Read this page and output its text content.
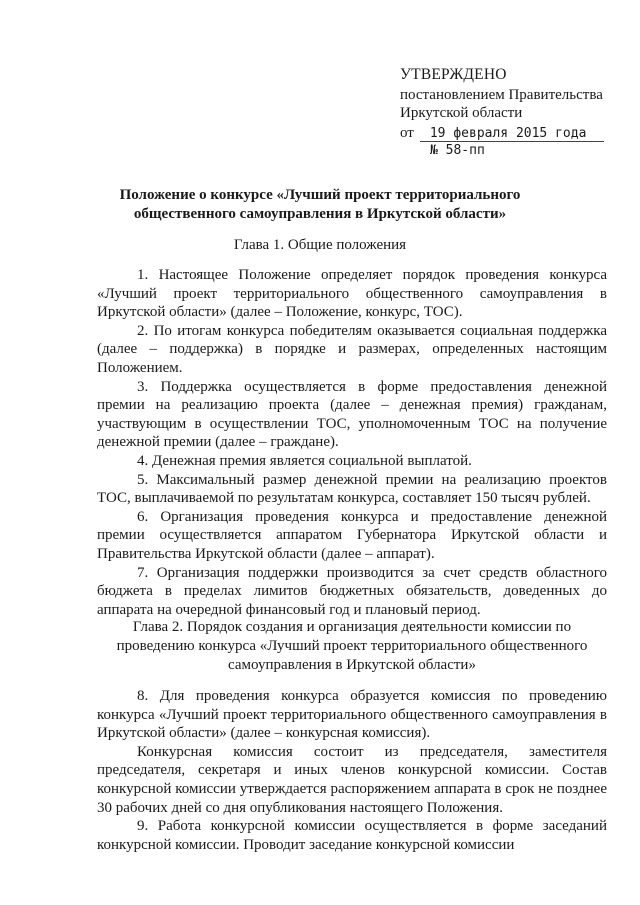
УТВЕРЖДЕНО
постановлением Правительства
Иркутской области
от	19 февраля 2015 года
№ 58-пп
Положение о конкурсе «Лучший проект территориального
общественного самоуправления в Иркутской области»
Глава 1. Общие положения

1. Настоящее Положение определяет порядок проведения конкурса «Лучший проект территориального общественного самоуправления в Иркутской области» (далее – Положение, конкурс, ТОС).

2. По итогам конкурса победителям оказывается социальная поддержка (далее – поддержка) в порядке и размерах, определенных настоящим Положением.

3. Поддержка осуществляется в форме предоставления денежной премии на реализацию проекта (далее – денежная премия) гражданам, участвующим в осуществлении ТОС, уполномоченным ТОС на получение денежной премии (далее – граждане).

4. Денежная премия является социальной выплатой.

5. Максимальный размер денежной премии на реализацию проектов ТОС, выплачиваемой по результатам конкурса, составляет 150 тысяч рублей.

6. Организация проведения конкурса и предоставление денежной премии осуществляется аппаратом Губернатора Иркутской области и Правительства Иркутской области (далее – аппарат).

7. Организация поддержки производится за счет средств областного бюджета в пределах лимитов бюджетных обязательств, доведенных до аппарата на очередной финансовый год и плановый период.

Глава 2. Порядок создания и организация деятельности комиссии по
проведению конкурса «Лучший проект территориального общественного
самоуправления в Иркутской области»

8. Для проведения конкурса образуется комиссия по проведению конкурса «Лучший проект территориального общественного самоуправления в Иркутской области» (далее – конкурсная комиссия).

Конкурсная комиссия состоит из председателя, заместителя председателя, секретаря и иных членов конкурсной комиссии. Состав конкурсной комиссии утверждается распоряжением аппарата в срок не позднее 30 рабочих дней со дня опубликования настоящего Положения.

9. Работа конкурсной комиссии осуществляется в форме заседаний конкурсной комиссии. Проводит заседание конкурсной комиссии
